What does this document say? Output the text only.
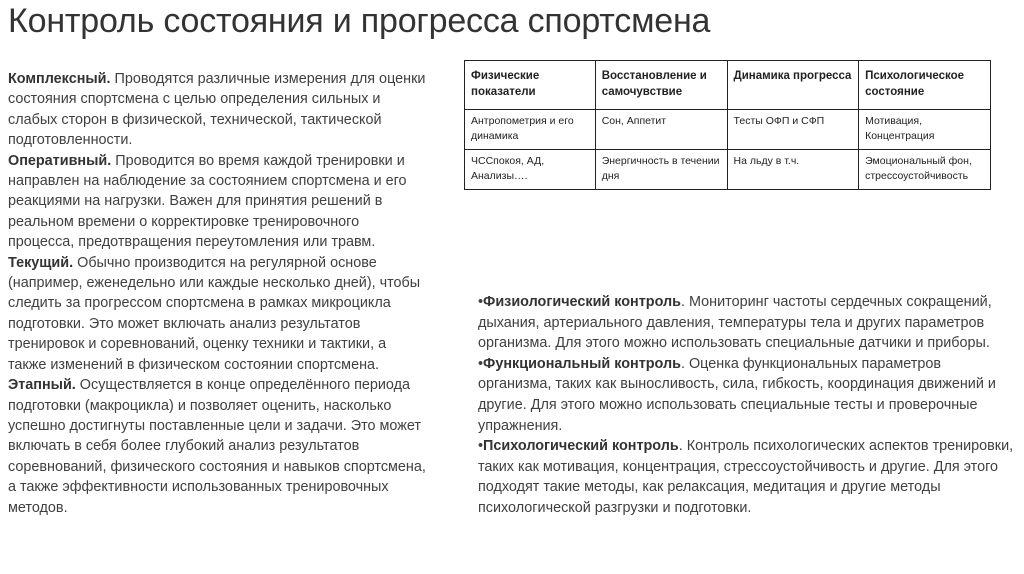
Контроль состояния и прогресса спортсмена

Комплексный. Проводятся различные измерения для оценки состояния спортсмена с целью определения сильных и слабых сторон в физической, технической, тактической подготовленности.

Оперативный. Проводится во время каждой тренировки и направлен на наблюдение за состоянием спортсмена и его реакциями на нагрузки. Важен для принятия решений в реальном времени о корректировке тренировочного процесса, предотвращения переутомления или травм.

Текущий. Обычно производится на регулярной основе (например, еженедельно или каждые несколько дней), чтобы следить за прогрессом спортсмена в рамках микроцикла подготовки. Это может включать анализ результатов тренировок и соревнований, оценку техники и тактики, а также изменений в физическом состоянии спортсмена.

Этапный. Осуществляется в конце определённого периода подготовки (макроцикла) и позволяет оценить, насколько успешно достигнуты поставленные цели и задачи. Это может включать в себя более глубокий анализ результатов соревнований, физического состояния и навыков спортсмена, а также эффективности использованных тренировочных методов.

Физические показатели	Восстановление и самочувствие	Динамика прогресса	Психологическое состояние
Антропометрия и его динамика	Сон, Аппетит	Тесты ОФП и СФП	Мотивация, Концентрация
ЧССпокоя, АД, Анализы….	Энергичность в течении дня	На льду в т.ч.	Эмоциональный фон, стрессоустойчивость

•Физиологический контроль. Мониторинг частоты сердечных сокращений, дыхания, артериального давления, температуры тела и других параметров организма. Для этого можно использовать специальные датчики и приборы.

•Функциональный контроль. Оценка функциональных параметров организма, таких как выносливость, сила, гибкость, координация движений и другие. Для этого можно использовать специальные тесты и проверочные упражнения.

•Психологический контроль. Контроль психологических аспектов тренировки, таких как мотивация, концентрация, стрессоустойчивость и другие. Для этого подходят такие методы, как релаксация, медитация и другие методы психологической разгрузки и подготовки.
